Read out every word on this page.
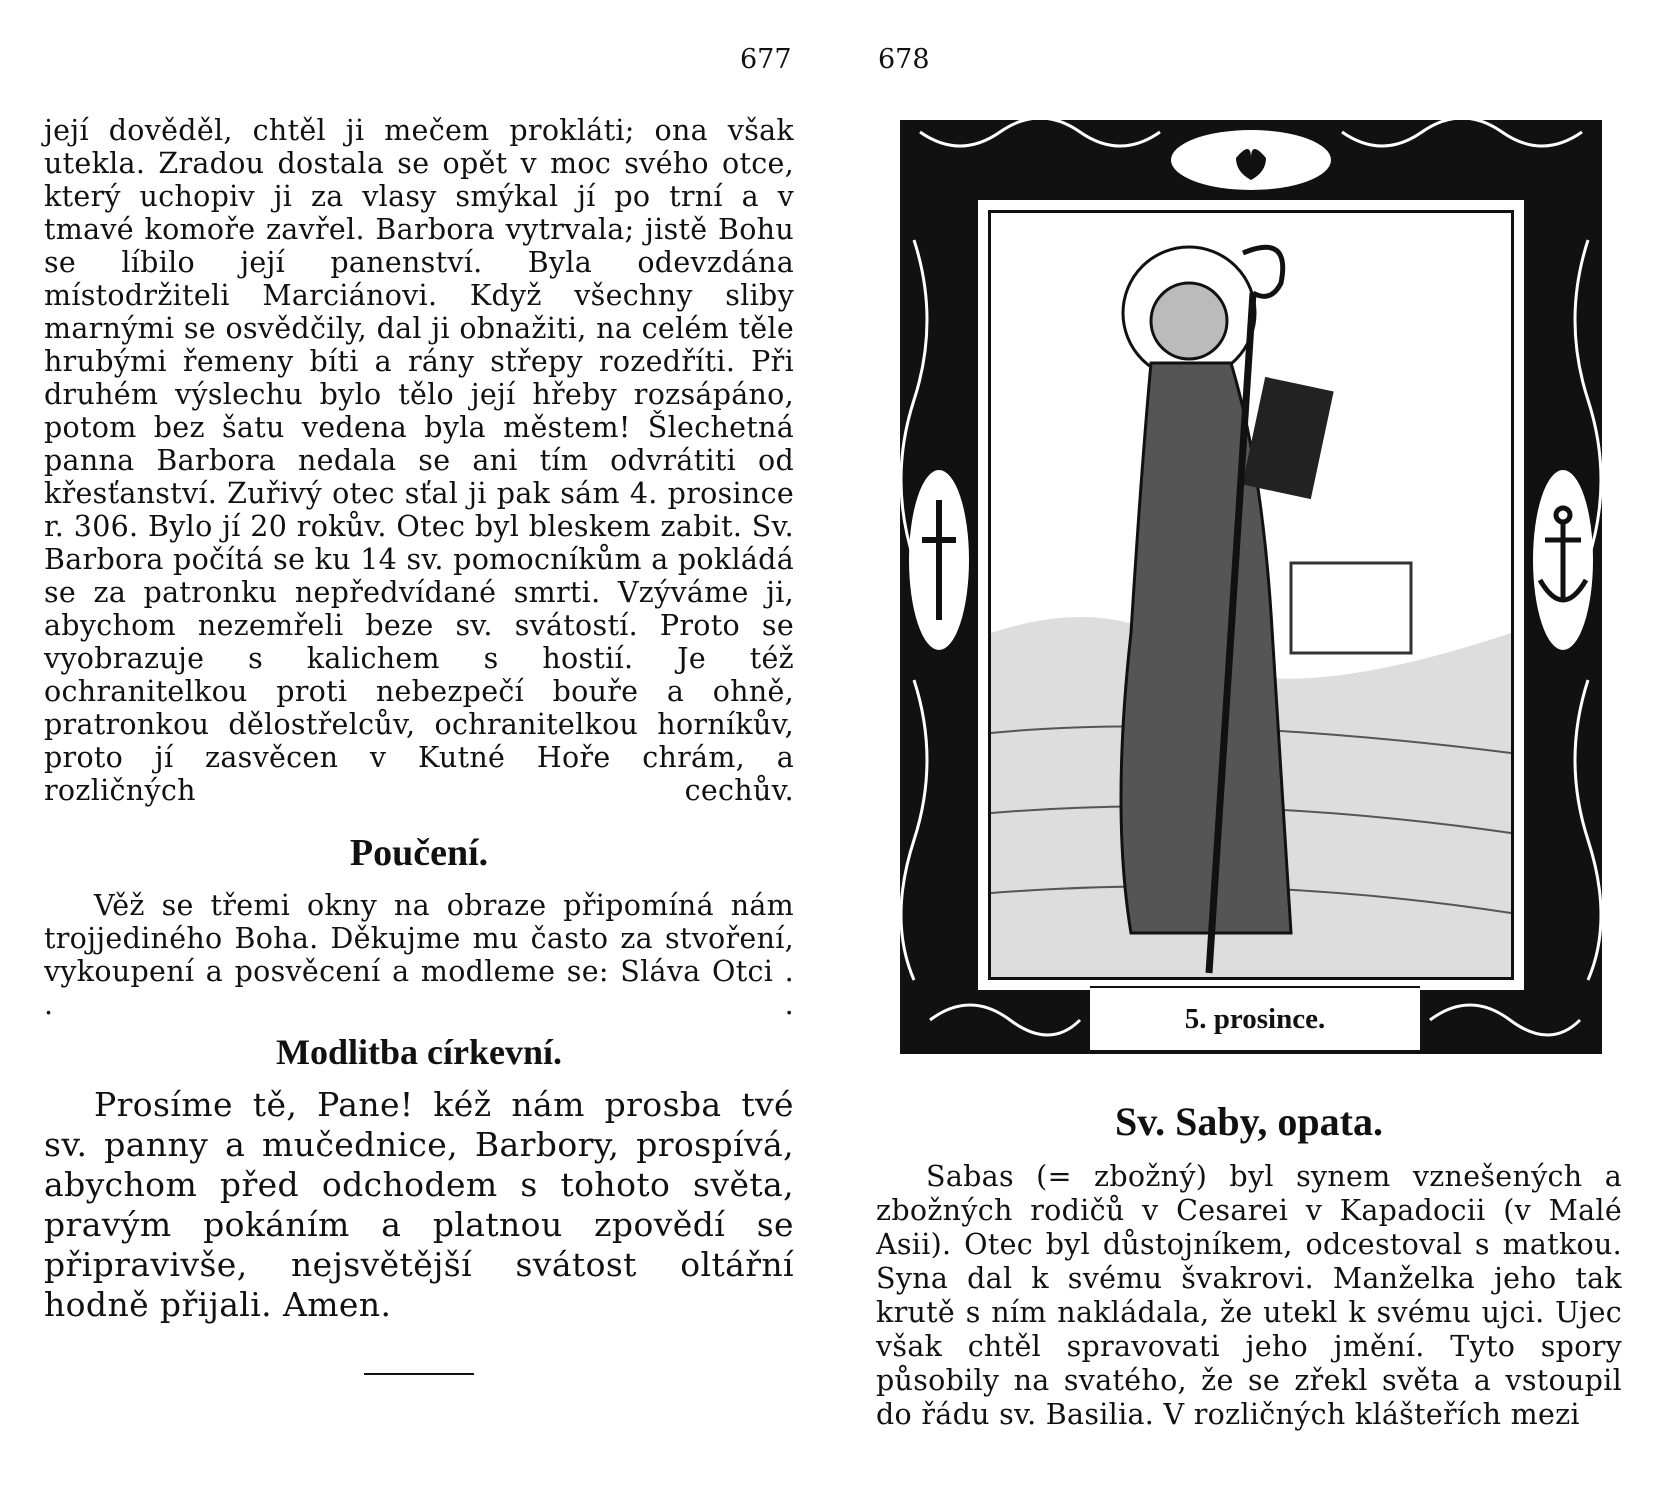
677	678

její dověděl, chtěl ji mečem prokláti; ona však utekla. Zradou dostala se opět v moc svého otce, který uchopiv ji za vlasy smýkal jí po trní a v tmavé komoře zavřel. Barbora vytrvala; jistě Bohu se líbilo její panenství. Byla odevzdána místodržiteli Marciánovi. Když všechny sliby marnými se osvědčily, dal ji obnažiti, na celém těle hrubými řemeny bíti a rány střepy rozedříti. Při druhém výslechu bylo tělo její hřeby rozsápáno, potom bez šatu vedena byla městem! Šlechetná panna Barbora nedala se ani tím odvrátiti od křesťanství. Zuřivý otec sťal ji pak sám 4. prosince r. 306. Bylo jí 20 rokův. Otec byl bleskem zabit. Sv. Barbora počítá se ku 14 sv. pomocníkům a pokládá se za patronku nepředvídané smrti. Vzýváme ji, abychom nezemřeli beze sv. svátostí. Proto se vyobrazuje s kalichem s hostií. Je též ochranitelkou proti nebezpečí bouře a ohně, pratronkou dělostřelcův, ochranitelkou horníkův, proto jí zasvěcen v Kutné Hoře chrám, a rozličných cechův.

Poučení.

Věž se třemi okny na obraze připomíná nám trojjediného Boha. Děkujme mu často za stvoření, vykoupení a posvěcení a modleme se: Sláva Otci . . .

Modlitba církevní.

Prosíme tě, Pane! kéž nám prosba tvé sv. panny a mučednice, Barbory, prospívá, abychom před odchodem s tohoto světa, pravým pokáním a platnou zpovědí se připravivše, nejsvětější svátost oltářní hodně přijali. Amen.

5. prosince.
Sv. Saby, opata.

Sabas (= zbožný) byl synem vznešených a zbožných rodičů v Cesarei v Kapadocii (v Malé Asii). Otec byl důstojníkem, odcestoval s matkou. Syna dal k svému švakrovi. Manželka jeho tak krutě s ním nakládala, že utekl k svému ujci. Ujec však chtěl spravovati jeho jmění. Tyto spory působily na svatého, že se zřekl světa a vstoupil do řádu sv. Basilia. V rozličných klášteřích mezi
